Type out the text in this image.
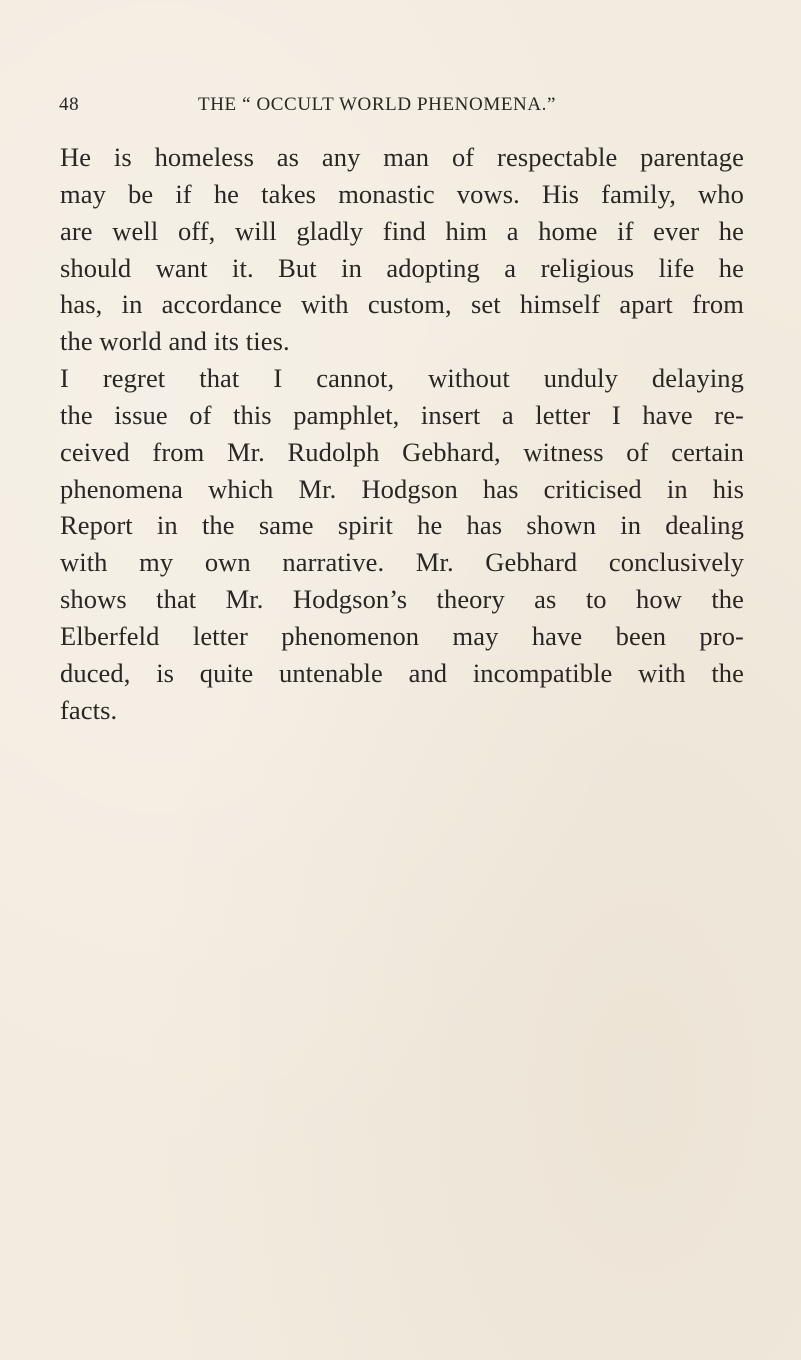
48	THE “ OCCULT WORLD PHENOMENA.”
He is homeless as any man of respectable parentage
may be if he takes monastic vows. His family, who
are well off, will gladly find him a home if ever he
should want it. But in adopting a religious life he
has, in accordance with custom, set himself apart from
the world and its ties.
I regret that I cannot, without unduly delaying
the issue of this pamphlet, insert a letter I have re-
ceived from Mr. Rudolph Gebhard, witness of certain
phenomena which Mr. Hodgson has criticised in his
Report in the same spirit he has shown in dealing
with my own narrative. Mr. Gebhard conclusively
shows that Mr. Hodgson’s theory as to how the
Elberfeld letter phenomenon may have been pro-
duced, is quite untenable and incompatible with the
facts.
